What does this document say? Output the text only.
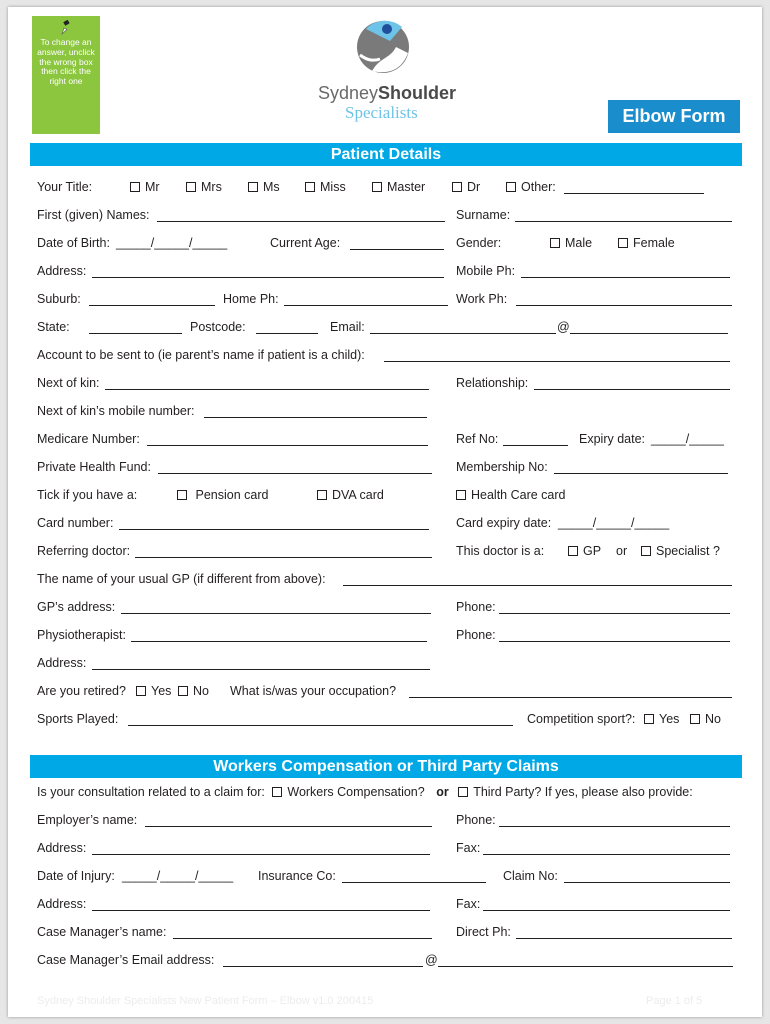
To change an answer, unclick the wrong box then click the right one
SydneyShoulder
Specialists	Elbow Form
Patient Details
Your Title:	Mr	Mrs	Ms	Miss	Master	Dr	Other:
First (given) Names:	Surname:
Date of Birth: _____/_____/_____	Current Age:	Gender:	Male	Female
Address:	Mobile Ph:
Suburb:	Home Ph:	Work Ph:
State:	Postcode:	Email:	@
Account to be sent to (ie parent’s name if patient is a child):
Next of kin:	Relationship:
Next of kin’s mobile number:
Medicare Number:	Ref No:	Expiry date: _____/_____
Private Health Fund:	Membership No:
Tick if you have a:	Pension card	DVA card	Health Care card
Card number:	Card expiry date: _____/_____/_____
Referring doctor:	This doctor is a:	GP or	Specialist ?
The name of your usual GP (if different from above):
GP’s address:	Phone:
Physiotherapist:	Phone:
Address:
Are you retired?	Yes	No What is/was your occupation?
Sports Played:	Competition sport?:	Yes	No
Workers Compensation or Third Party Claims
Is your consultation related to a claim for: Workers Compensation? or Third Party? If yes, please also provide:
Employer’s name:	Phone:
Address:	Fax:
Date of Injury: _____/_____/_____ Insurance Co:	Claim No:
Address:	Fax:
Case Manager’s name:	Direct Ph:
Case Manager’s Email address:	@
Sydney Shoulder Specialists New Patient Form – Elbow v1.0 200415	Page 1 of 5
